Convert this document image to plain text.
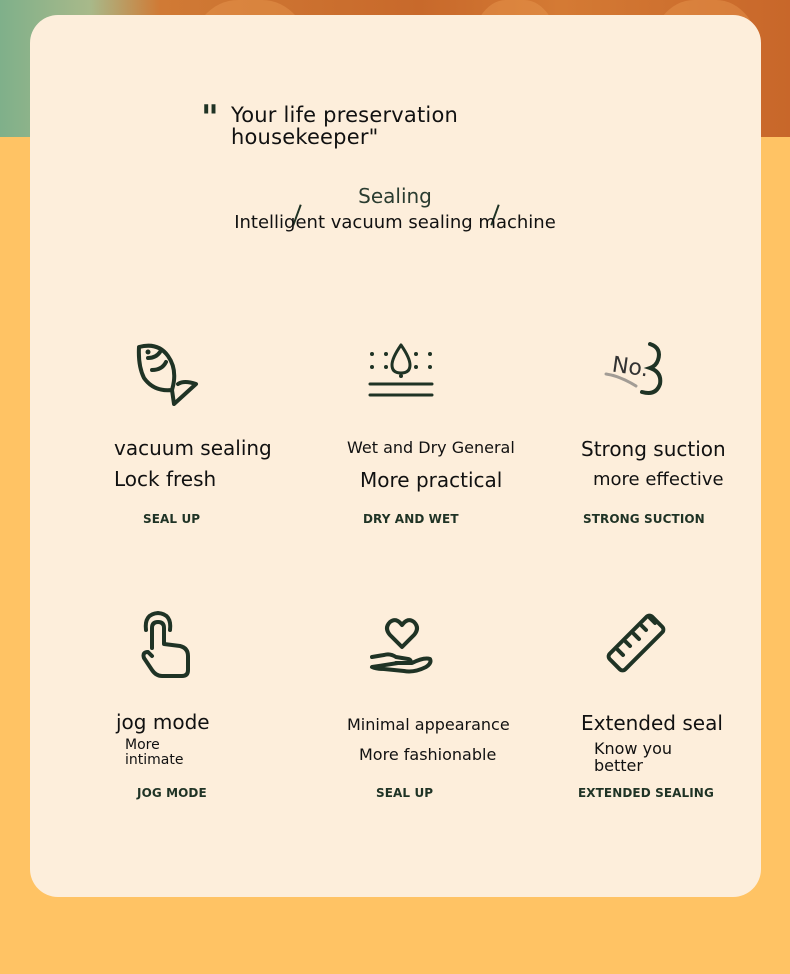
" Your life preservation
housekeeper"
Sealing
Intelligent vacuum sealing machine
vacuum sealing
Lock fresh
SEAL UP
Wet and Dry General
More practical
DRY AND WET
No.
Strong suction
more effective
STRONG SUCTION
jog mode
More
intimate
JOG MODE
Minimal appearance
More fashionable
SEAL UP
Extended seal
Know you
better
EXTENDED SEALING
